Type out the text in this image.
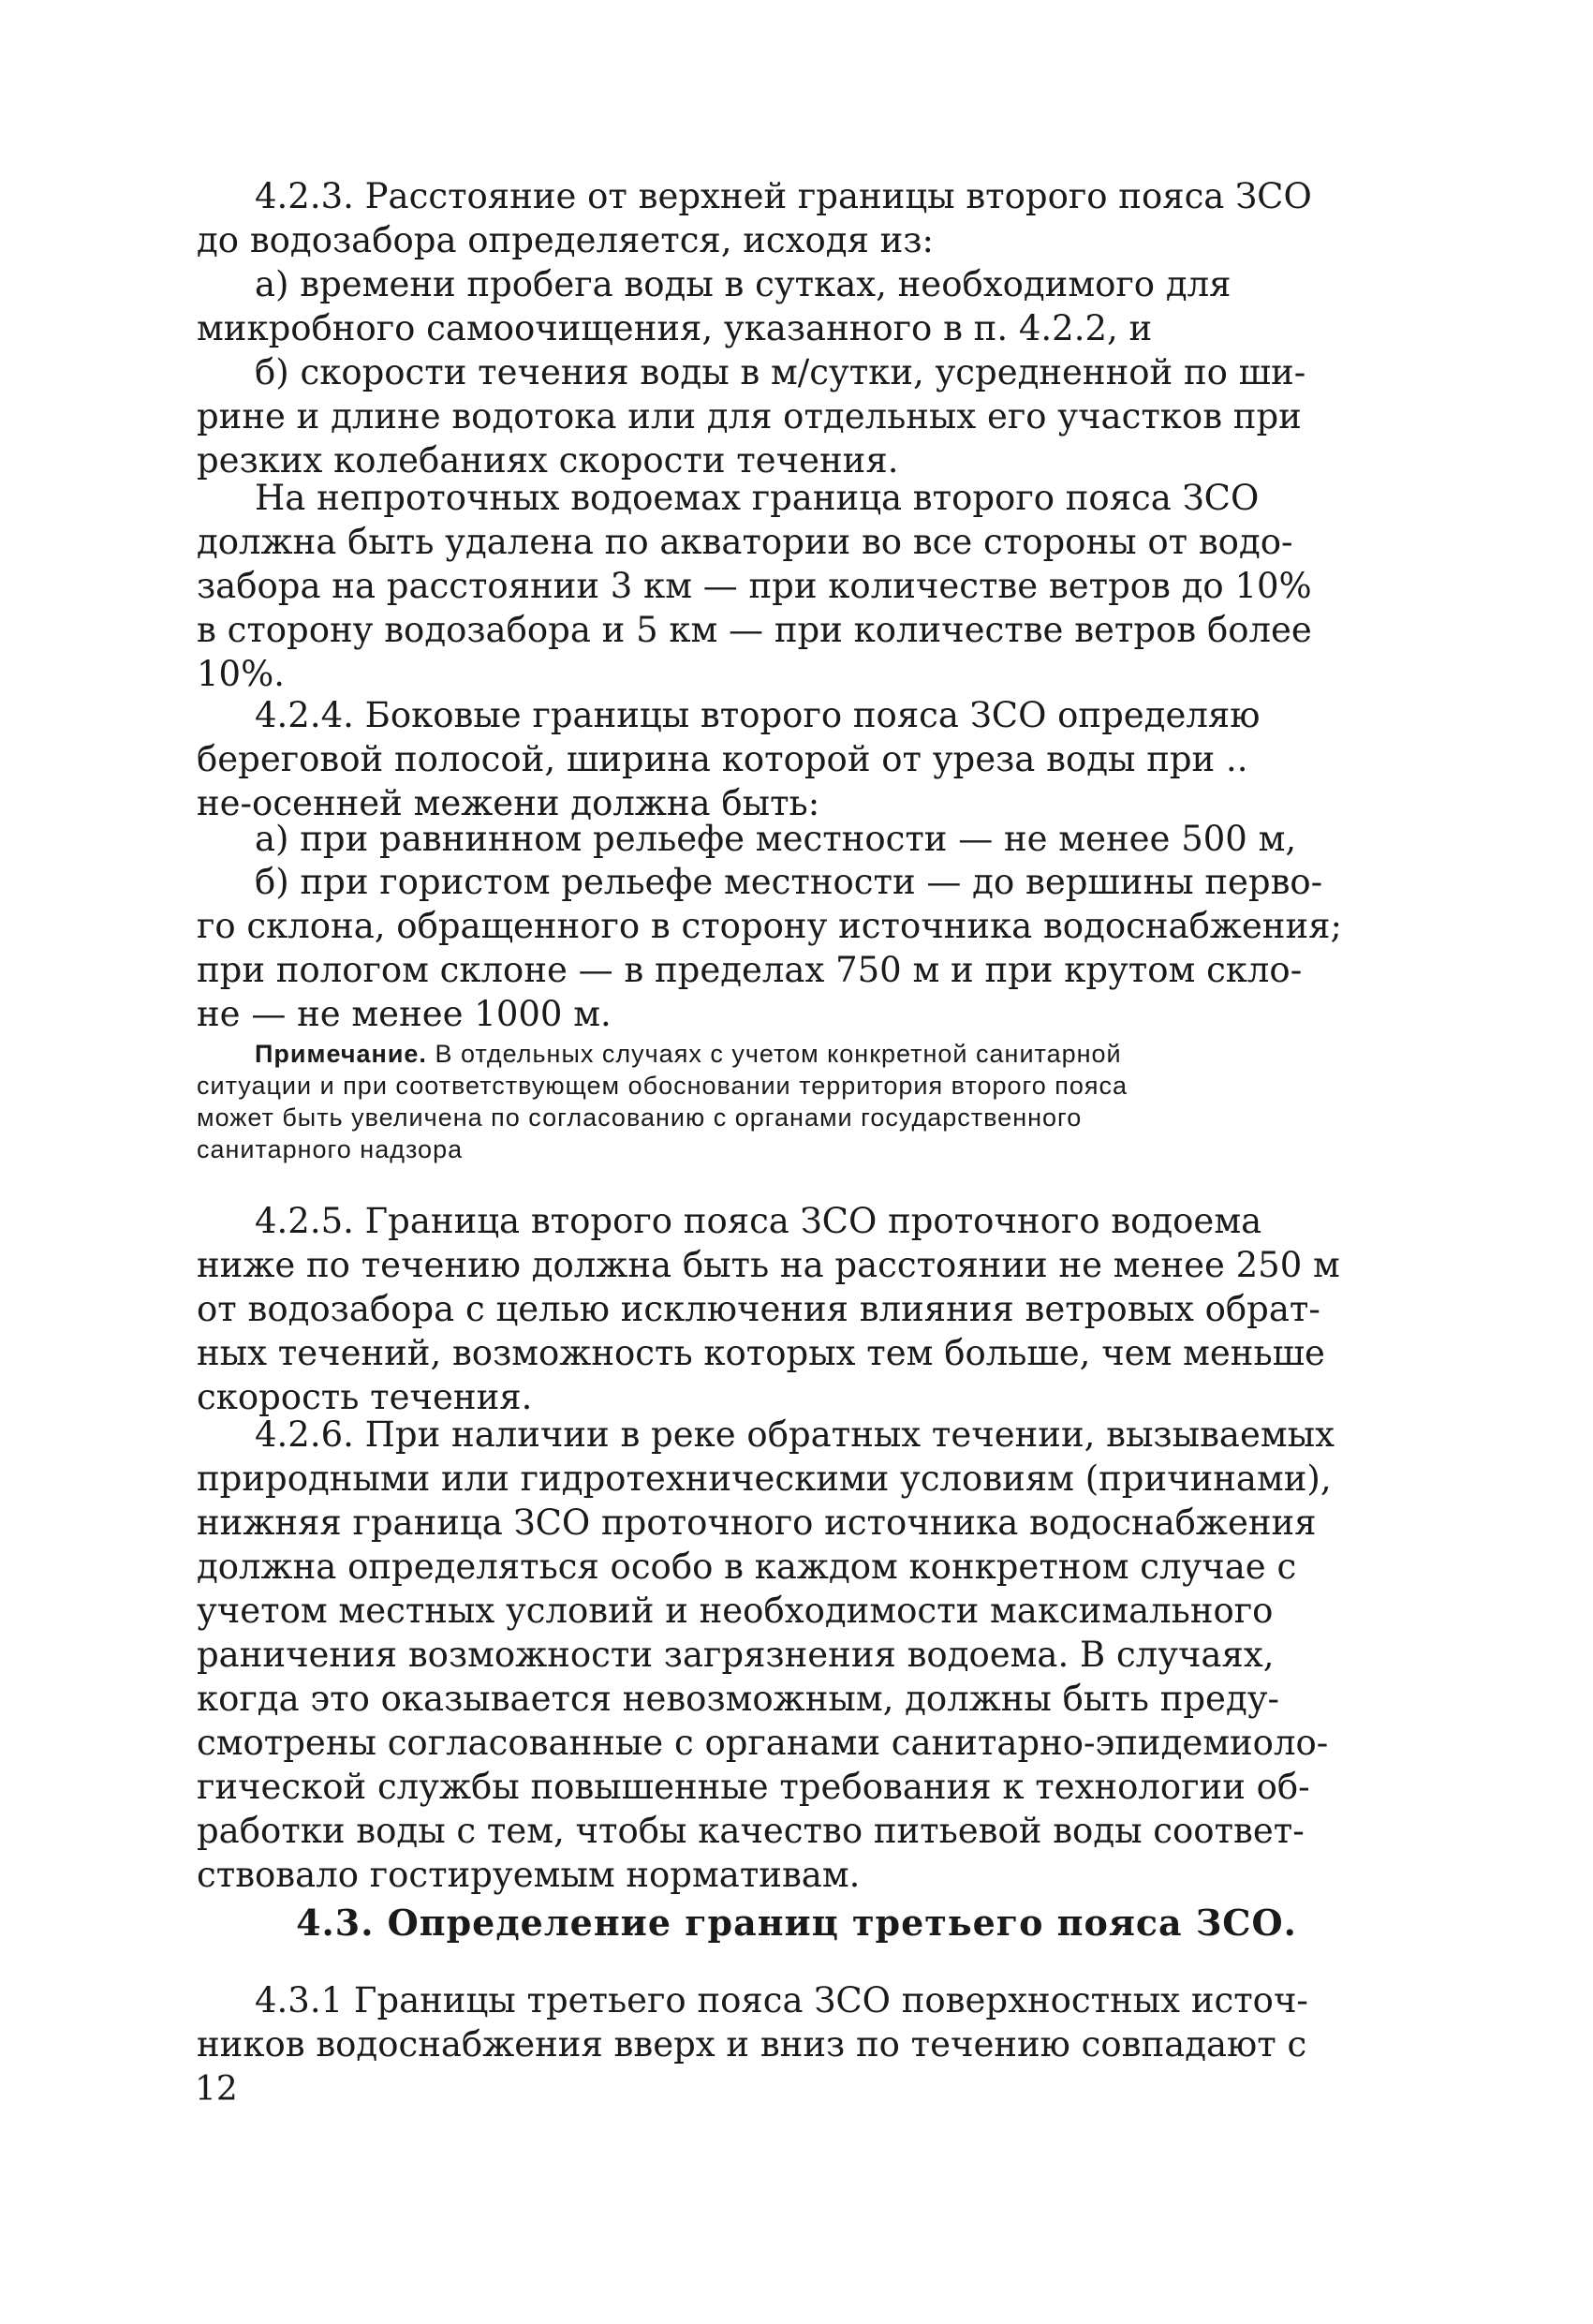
4.2.3. Расстояние от верхней границы второго пояса ЗСО
до водозабора определяется, исходя из:

а) времени пробега воды в сутках, необходимого для
микробного самоочищения, указанного в п. 4.2.2, и

б) скорости течения воды в м/сутки, усредненной по ши-
рине и длине водотока или для отдельных его участков при
резких колебаниях скорости течения.

На непроточных водоемах граница второго пояса ЗСО
должна быть удалена по акватории во все стороны от водо-
забора на расстоянии 3 км — при количестве ветров до 10%
в сторону водозабора и 5 км — при количестве ветров более
10%.

4.2.4. Боковые границы второго пояса ЗСО определяю
береговой полосой, ширина которой от уреза воды при ..
не-осенней межени должна быть:

а) при равнинном рельефе местности — не менее 500 м,

б) при гористом рельефе местности — до вершины перво-
го склона, обращенного в сторону источника водоснабжения;
при пологом склоне — в пределах 750 м и при крутом скло-
не — не менее 1000 м.

Примечание. В отдельных случаях с учетом конкретной санитарной
ситуации и при соответствующем обосновании территория второго пояса
может быть увеличена по согласованию с органами государственного
санитарного надзора

4.2.5. Граница второго пояса ЗСО проточного водоема
ниже по течению должна быть на расстоянии не менее 250 м
от водозабора с целью исключения влияния ветровых обрат-
ных течений, возможность которых тем больше, чем меньше
скорость течения.

4.2.6. При наличии в реке обратных течении, вызываемых
природными или гидротехническими условиям (причинами),
нижняя граница ЗСО проточного источника водоснабжения
должна определяться особо в каждом конкретном случае с
учетом местных условий и необходимости максимального
раничения возможности загрязнения водоема. В случаях,
когда это оказывается невозможным, должны быть преду-
смотрены согласованные с органами санитарно-эпидемиоло-
гической службы повышенные требования к технологии об-
работки воды с тем, чтобы качество питьевой воды соответ-
ствовало гостируемым нормативам.

4.3. Определение границ третьего пояса ЗСО.

4.3.1 Границы третьего пояса ЗСО поверхностных источ-
ников водоснабжения вверх и вниз по течению совпадают с

12
